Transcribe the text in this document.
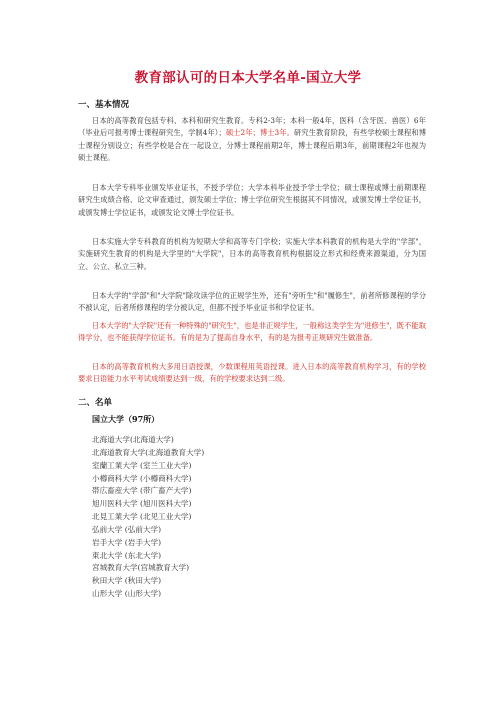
教育部认可的日本大学名单-国立大学
一、基本情况

日本的高等教育包括专科、本科和研究生教育。专科2-3年；本科一般4年，医科（含牙医、兽医）6年（毕业后可报考博士课程研究生，学制4年）；硕士2年；博士3年。研究生教育阶段，有些学校硕士课程和博士课程分别设立；有些学校是合在一起设立，分博士课程前期2年，博士课程后期3年，前期课程2年也视为硕士课程。

日本大学专科毕业颁发毕业证书，不授予学位；大学本科毕业授予学士学位；硕士课程或博士前期课程研究生成绩合格、论文审查通过，颁发硕士学位；博士学位研究生根据其不同情况，或颁发博士学位证书，或颁发博士学位证书，或颁发论文博士学位证书。

日本实施大学专科教育的机构为短期大学和高等专门学校；实施大学本科教育的机构是大学的"学部"，实施研究生教育的机构是大学里的"大学院"，日本的高等教育机构根据设立形式和经费来源渠道，分为国立、公立、私立三种。

日本大学的"学部"和"大学院"除攻读学位的正规学生外，还有"旁听生"和"履修生"，前者所修课程的学分不被认定，后者所修课程的学分被认定，但都不授予毕业证书和学位证书。

日本大学的"大学院"还有一种特殊的"研究生"，也是非正规学生，一般称这类学生为"进修生"，既不能取得学分，也不能获得学位证书。有的是为了提高自身水平，有的是为报考正规研究生做准备。

日本的高等教育机构大多用日语授课，少数课程用英语授课。进入日本的高等教育机构学习，有的学校要求日语能力水平考试成绩要达到一级，有的学校要求达到二级。

二、名单
国立大学（97所）
北海道大学(北海道大学)
北海道教育大学(北海道教育大学)
室蘭工業大学 (室兰工业大学)
小樽商科大学 (小樽商科大学)
帯広畜産大学 (带广畜产大学)
旭川医科大学 (旭川医科大学)
北見工業大学 (北见工业大学)
弘前大学 (弘前大学)
岩手大学 (岩手大学)
東北大学 (东北大学)
宮城教育大学(宫城教育大学)
秋田大学 (秋田大学)
山形大学 (山形大学)
